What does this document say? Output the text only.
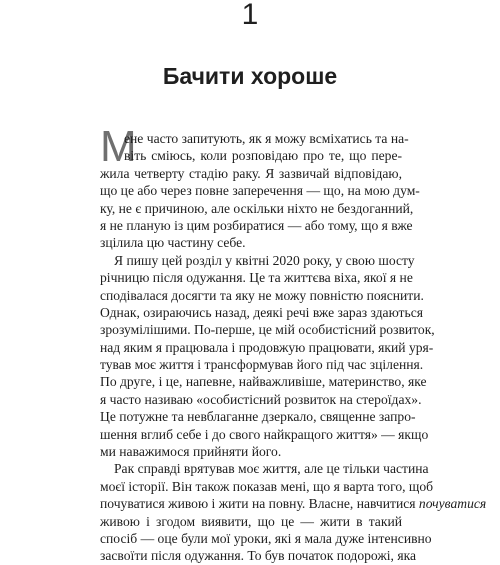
1
Бачити хороше
М
ене часто запитують, як я можу всміхатись та на-
віть сміюсь, коли розповідаю про те, що пере-
жила четверту стадію раку. Я зазвичай відповідаю,
що це або через повне заперечення — що, на мою дум-
ку, не є причиною, але оскільки ніхто не бездоганний,
я не планую із цим розбиратися — або тому, що я вже
зцілила цю частину себе.
Я пишу цей розділ у квітні 2020 року, у свою шосту
річницю після одужання. Це та життєва віха, якої я не
сподівалася досягти та яку не можу повністю пояснити.
Однак, озираючись назад, деякі речі вже зараз здаються
зрозумілішими. По-перше, це мій особистісний розвиток,
над яким я працювала і продовжую працювати, який уря-
тував моє життя і трансформував його під час зцілення.
По друге, і це, напевне, найважливіше, материнство, яке
я часто називаю «особистісний розвиток на стероїдах».
Це потужне та невблаганне дзеркало, священне запро-
шення вглиб себе і до свого найкращого життя» — якщо
ми наважимося прийняти його.
Рак справді врятував моє життя, але це тільки частина
моєї історії. Він також показав мені, що я вартa того, щоб
почуватися живою і жити на повну. Власне, навчитися почуватися
живою і згодом виявити, що це — жити в такий
спосіб — оце були мої уроки, які я мала дуже інтенсивно
засвоїти після одужання. То був початок подорожі, яка
